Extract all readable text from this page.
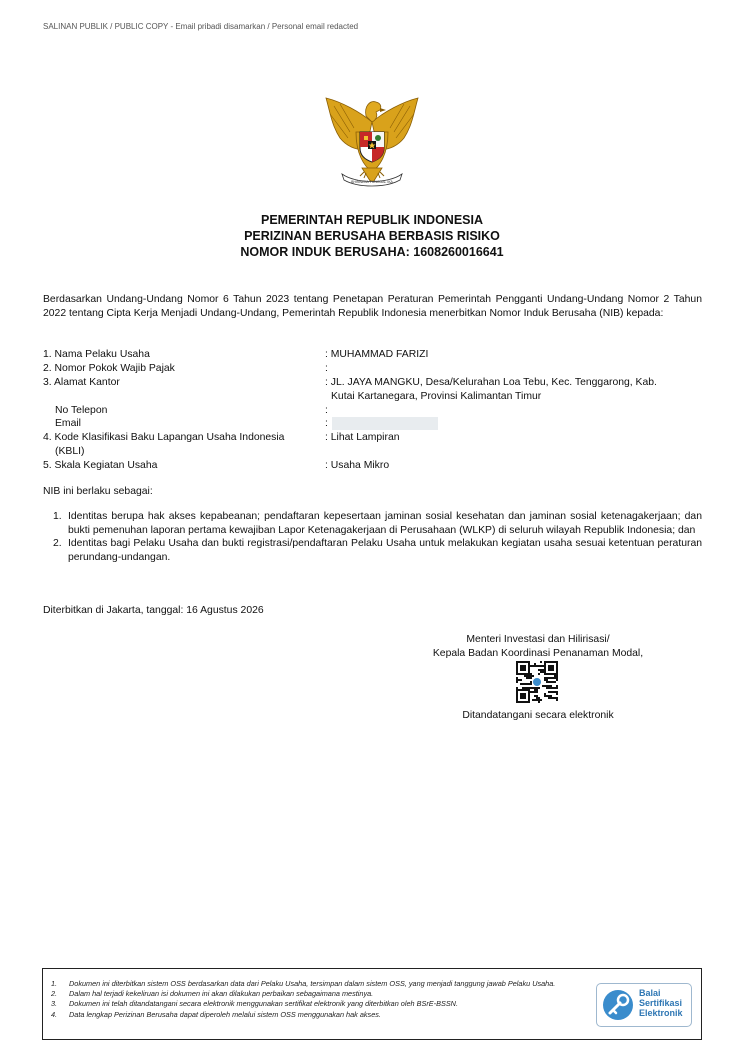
SALINAN PUBLIK / PUBLIC COPY - Email pribadi disamarkan / Personal email redacted
BHINNEKA TUNGGAL IKA
PEMERINTAH REPUBLIK INDONESIA
PERIZINAN BERUSAHA BERBASIS RISIKO
NOMOR INDUK BERUSAHA: 1608260016641
Berdasarkan Undang-Undang Nomor 6 Tahun 2023 tentang Penetapan Peraturan Pemerintah Pengganti Undang-Undang Nomor 2 Tahun 2022 tentang Cipta Kerja Menjadi Undang-Undang, Pemerintah Republik Indonesia menerbitkan Nomor Induk Berusaha (NIB) kepada:
1. Nama Pelaku Usaha	: MUHAMMAD FARIZI
2. Nomor Pokok Wajib Pajak	:
3. Alamat Kantor	: JL. JAYA MANGKU, Desa/Kelurahan Loa Tebu, Kec. Tenggarong, Kab.
Kutai Kartanegara, Provinsi Kalimantan Timur
No Telepon	:
Email	:
4. Kode Klasifikasi Baku Lapangan Usaha Indonesia
(KBLI)
: Lihat Lampiran
5. Skala Kegiatan Usaha	: Usaha Mikro
NIB ini berlaku sebagai:
1. Identitas berupa hak akses kepabeanan; pendaftaran kepesertaan jaminan sosial kesehatan dan jaminan sosial ketenagakerjaan; dan bukti pemenuhan laporan pertama kewajiban Lapor Ketenagakerjaan di Perusahaan (WLKP) di seluruh wilayah Republik Indonesia; dan
2. Identitas bagi Pelaku Usaha dan bukti registrasi/pendaftaran Pelaku Usaha untuk melakukan kegiatan usaha sesuai ketentuan peraturan perundang-undangan.
Diterbitkan di Jakarta, tanggal: 16 Agustus 2026
Menteri Investasi dan Hilirisasi/
Kepala Badan Koordinasi Penanaman Modal,
Ditandatangani secara elektronik
1. Dokumen ini diterbitkan sistem OSS berdasarkan data dari Pelaku Usaha, tersimpan dalam sistem OSS, yang menjadi tanggung jawab Pelaku Usaha.
2. Dalam hal terjadi kekeliruan isi dokumen ini akan dilakukan perbaikan sebagaimana mestinya.
3. Dokumen ini telah ditandatangani secara elektronik menggunakan sertifikat elektronik yang diterbitkan oleh BSrE-BSSN.
4. Data lengkap Perizinan Berusaha dapat diperoleh melalui sistem OSS menggunakan hak akses.
Balai
Sertifikasi
Elektronik
